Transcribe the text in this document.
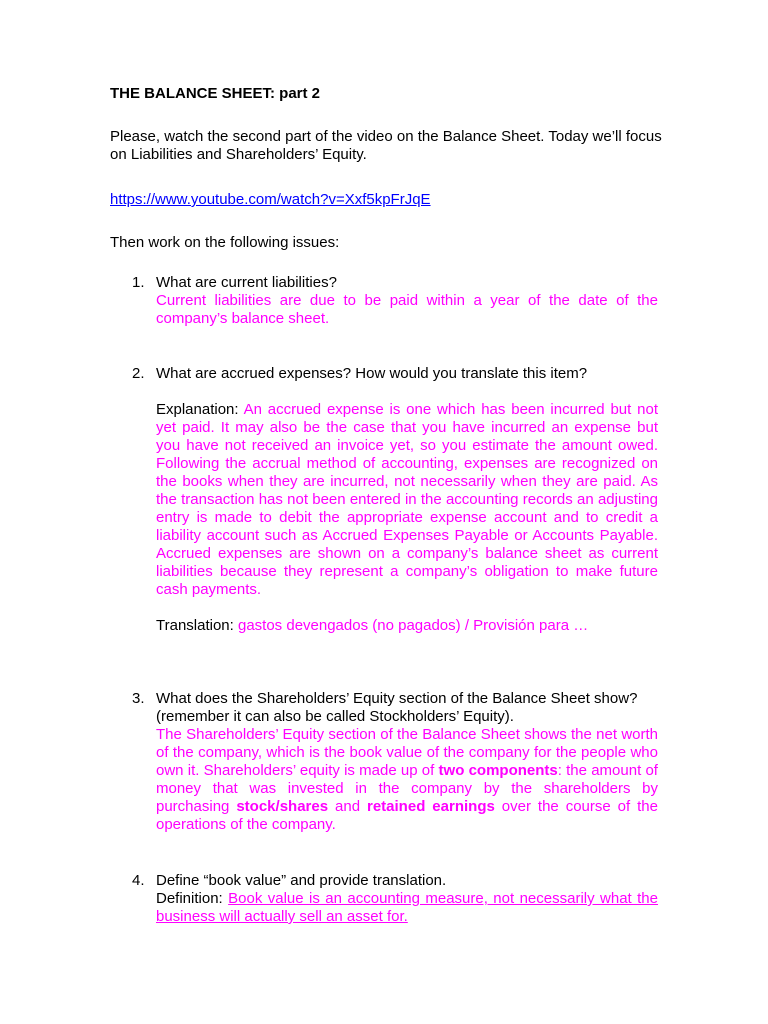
THE BALANCE SHEET: part 2
Please, watch the second part of the video on the Balance Sheet. Today we’ll focus on Liabilities and Shareholders’ Equity.
https://www.youtube.com/watch?v=Xxf5kpFrJqE
Then work on the following issues:
1. What are current liabilities?
Current liabilities are due to be paid within a year of the date of the company’s balance sheet.
2. What are accrued expenses? How would you translate this item?
Explanation: An accrued expense is one which has been incurred but not yet paid. It may also be the case that you have incurred an expense but you have not received an invoice yet, so you estimate the amount owed. Following the accrual method of accounting, expenses are recognized on the books when they are incurred, not necessarily when they are paid. As the transaction has not been entered in the accounting records an adjusting entry is made to debit the appropriate expense account and to credit a liability account such as Accrued Expenses Payable or Accounts Payable. Accrued expenses are shown on a company’s balance sheet as current liabilities because they represent a company’s obligation to make future cash payments.
Translation: gastos devengados (no pagados) / Provisión para …
3. What does the Shareholders’ Equity section of the Balance Sheet show? (remember it can also be called Stockholders’ Equity).
The Shareholders’ Equity section of the Balance Sheet shows the net worth of the company, which is the book value of the company for the people who own it. Shareholders’ equity is made up of two components: the amount of money that was invested in the company by the shareholders by purchasing stock/shares and retained earnings over the course of the operations of the company.
4. Define “book value” and provide translation.
Definition: Book value is an accounting measure, not necessarily what the business will actually sell an asset for.
